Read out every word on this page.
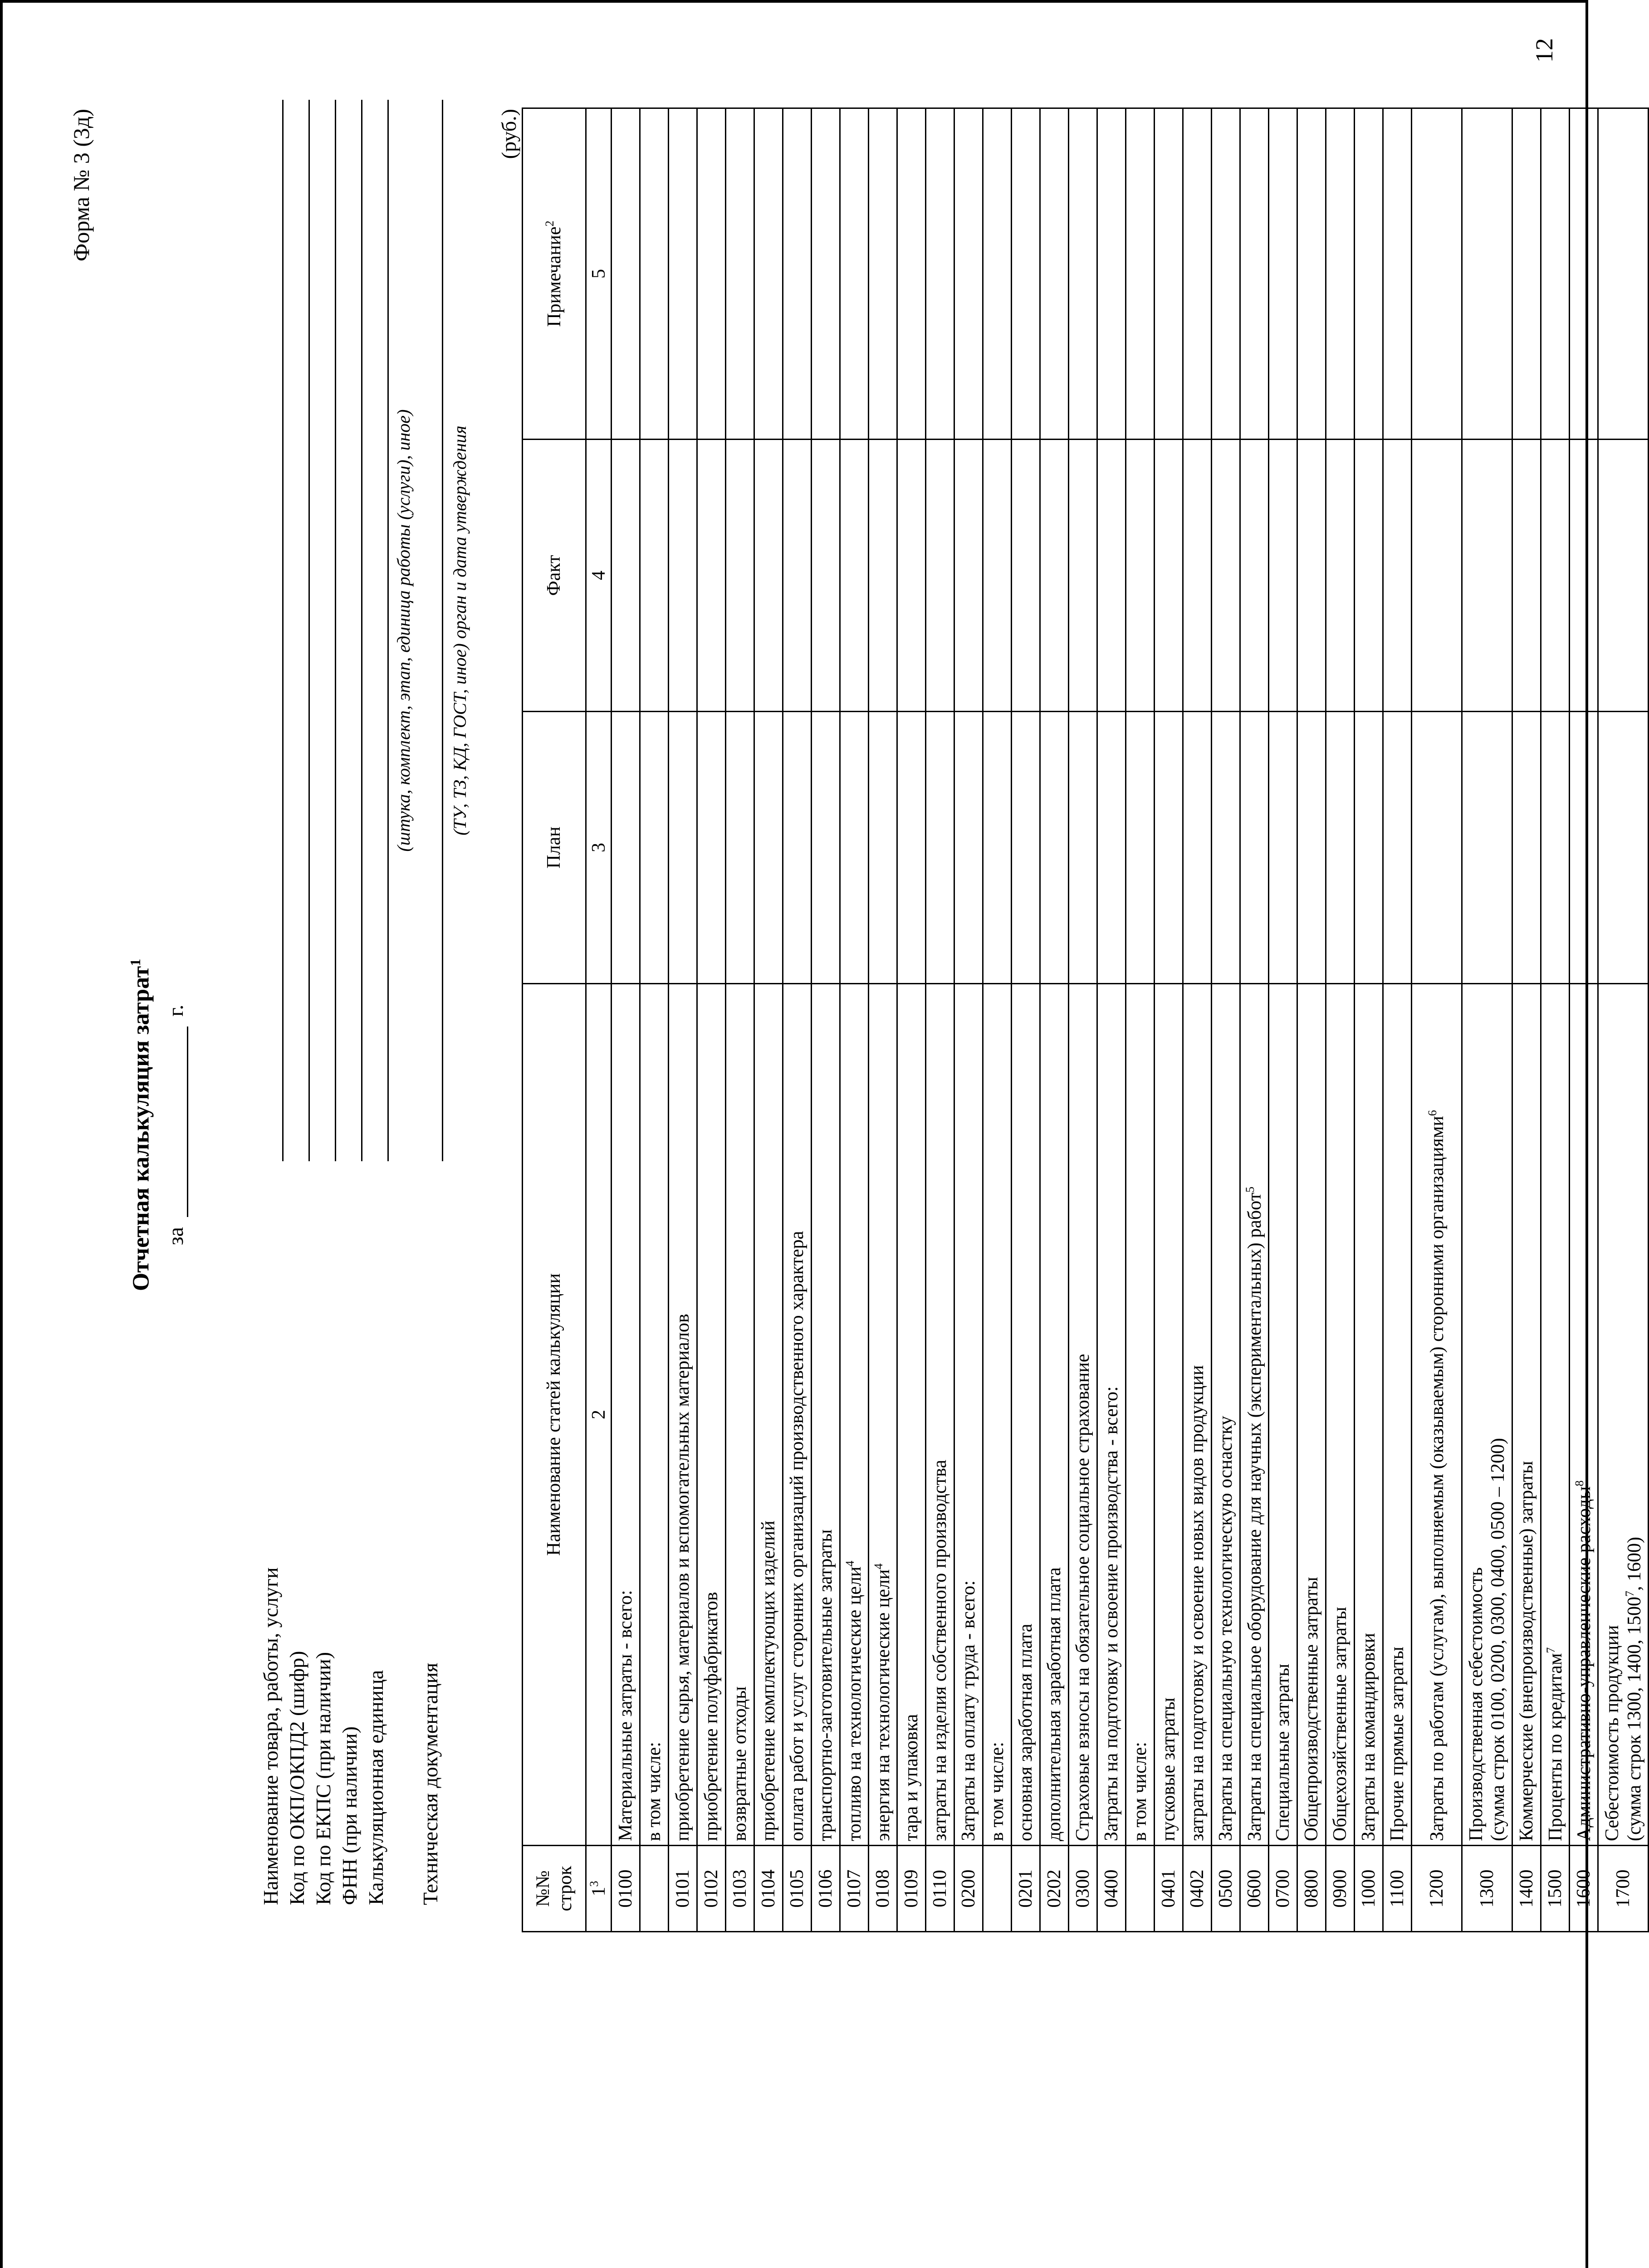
12
Форма № 3 (3д)
Отчетная калькуляция затрат$^1$
за  г.
Наименование товара, работы, услуги Код по ОКП/ОКПД2 (шифр) Код по ЕКПС (при наличии) ФНН (при наличии) Калькуляционная единица
(штука, комплект, этап, единица работы (услуги), иное)
Техническая документация
(ТУ, ТЗ, КД, ГОСТ, иное) орган и дата утверждения
(руб.)
№№ строк	Наименование статей калькуляции	План	Факт	Примечание$^2$
$1^3$	2	3	4	5
0100	Материальные затраты - всего:			
	в том числе:			
0101	приобретение сырья, материалов и вспомогательных материалов			
0102	приобретение полуфабрикатов			
0103	возвратные отходы			
0104	приобретение комплектующих изделий			
0105	оплата работ и услуг сторонних организаций производственного характера			
0106	транспортно-заготовительные затраты			
0107	топливо на технологические цели$^4$			
0108	энергия на технологические цели$^4$			
0109	тара и упаковка			
0110	затраты на изделия собственного производства			
0200	Затраты на оплату труда - всего:			
	в том числе:			
0201	основная заработная плата			
0202	дополнительная заработная плата			
0300	Страховые взносы на обязательное социальное страхование			
0400	Затраты на подготовку и освоение производства - всего:			
	в том числе:			
0401	пусковые затраты			
0402	затраты на подготовку и освоение новых видов продукции			
0500	Затраты на специальную технологическую оснастку			
0600	Затраты на специальное оборудование для научных (экспериментальных) работ$^5$			
0700	Специальные затраты			
0800	Общепроизводственные затраты			
0900	Общехозяйственные затраты			
1000	Затраты на командировки			
1100	Прочие прямые затраты			
1200	Затраты по работам (услугам), выполняемым (оказываемым) сторонними организациями$^6$			
1300	Производственная себестоимость
(сумма строк 0100, 0200, 0300, 0400, 0500 – 1200)			
1400	Коммерческие (внепроизводственные) затраты			
1500	Проценты по кредитам$^7$			
1600	Административно-управленческие расходы$^8$			
1700	Себестоимость продукции
(сумма строк 1300, 1400, 1500$^7$, 1600)			
